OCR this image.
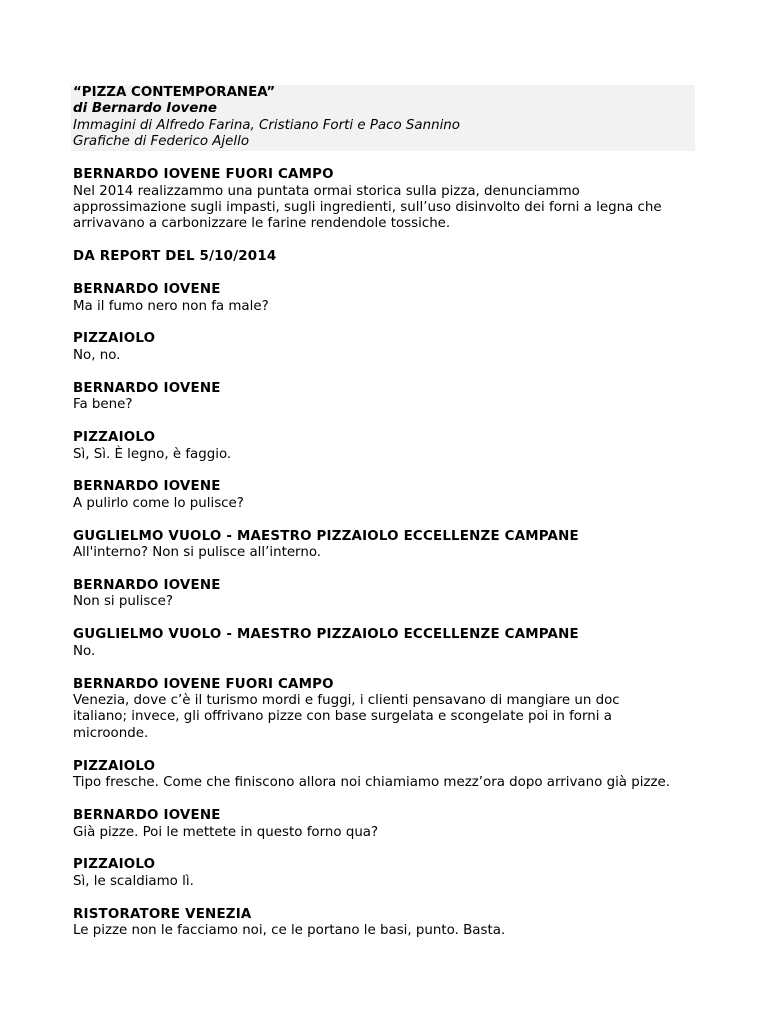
“PIZZA CONTEMPORANEA”
di Bernardo Iovene
Immagini di Alfredo Farina, Cristiano Forti e Paco Sannino
Grafiche di Federico Ajello
BERNARDO IOVENE FUORI CAMPO
Nel 2014 realizzammo una puntata ormai storica sulla pizza, denunciammo
approssimazione sugli impasti, sugli ingredienti, sull’uso disinvolto dei forni a legna che
arrivavano a carbonizzare le farine rendendole tossiche.
DA REPORT DEL 5/10/2014
BERNARDO IOVENE
Ma il fumo nero non fa male?
PIZZAIOLO
No, no.
BERNARDO IOVENE
Fa bene?
PIZZAIOLO
Sì, Sì. È legno, è faggio.
BERNARDO IOVENE
A pulirlo come lo pulisce?
GUGLIELMO VUOLO - MAESTRO PIZZAIOLO ECCELLENZE CAMPANE
All'interno? Non si pulisce all’interno.
BERNARDO IOVENE
Non si pulisce?
GUGLIELMO VUOLO - MAESTRO PIZZAIOLO ECCELLENZE CAMPANE
No.
BERNARDO IOVENE FUORI CAMPO
Venezia, dove c’è il turismo mordi e fuggi, i clienti pensavano di mangiare un doc
italiano; invece, gli offrivano pizze con base surgelata e scongelate poi in forni a
microonde.
PIZZAIOLO
Tipo fresche. Come che finiscono allora noi chiamiamo mezz’ora dopo arrivano già pizze.
BERNARDO IOVENE
Già pizze. Poi le mettete in questo forno qua?
PIZZAIOLO
Sì, le scaldiamo lì.
RISTORATORE VENEZIA
Le pizze non le facciamo noi, ce le portano le basi, punto. Basta.
